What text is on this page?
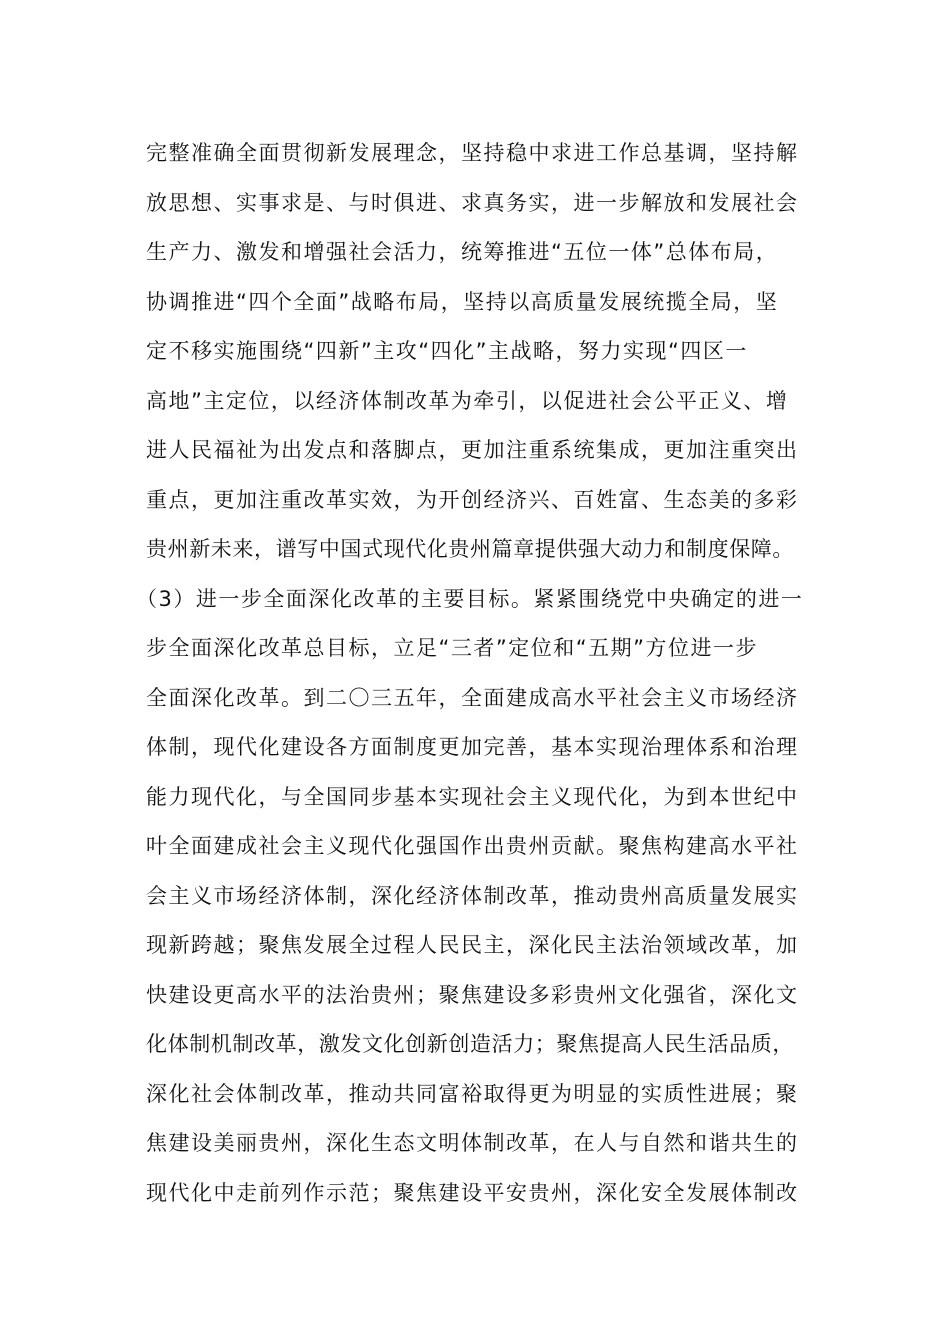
完整准确全面贯彻新发展理念，坚持稳中求进工作总基调，坚持解
放思想、实事求是、与时俱进、求真务实，进一步解放和发展社会
生产力、激发和增强社会活力，统筹推进“五位一体”总体布局，
协调推进“四个全面”战略布局，坚持以高质量发展统揽全局，坚
定不移实施围绕“四新”主攻“四化”主战略，努力实现“四区一
高地”主定位，以经济体制改革为牵引，以促进社会公平正义、增
进人民福祉为出发点和落脚点，更加注重系统集成，更加注重突出
重点，更加注重改革实效，为开创经济兴、百姓富、生态美的多彩
贵州新未来，谱写中国式现代化贵州篇章提供强大动力和制度保障。
（3）进一步全面深化改革的主要目标。紧紧围绕党中央确定的进一
步全面深化改革总目标，立足“三者”定位和“五期”方位进一步
全面深化改革。到二〇三五年，全面建成高水平社会主义市场经济
体制，现代化建设各方面制度更加完善，基本实现治理体系和治理
能力现代化，与全国同步基本实现社会主义现代化，为到本世纪中
叶全面建成社会主义现代化强国作出贵州贡献。聚焦构建高水平社
会主义市场经济体制，深化经济体制改革，推动贵州高质量发展实
现新跨越；聚焦发展全过程人民民主，深化民主法治领域改革，加
快建设更高水平的法治贵州；聚焦建设多彩贵州文化强省，深化文
化体制机制改革，激发文化创新创造活力；聚焦提高人民生活品质，
深化社会体制改革，推动共同富裕取得更为明显的实质性进展；聚
焦建设美丽贵州，深化生态文明体制改革，在人与自然和谐共生的
现代化中走前列作示范；聚焦建设平安贵州，深化安全发展体制改
